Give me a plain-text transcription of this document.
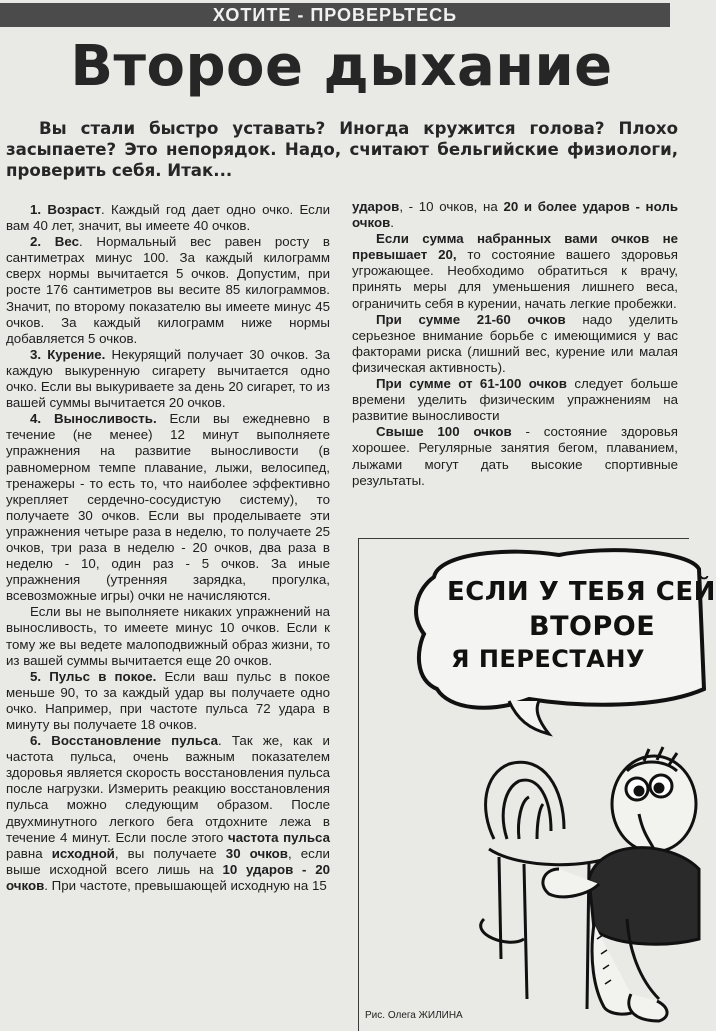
ХОТИТЕ - ПРОВЕРЬТЕСЬ
Второе дыхание

Вы стали быстро уставать? Иногда кружится голова? Плохо засыпаете? Это непорядок. Надо, считают бельгийские физиологи, проверить себя. Итак...

1. Возраст. Каждый год дает одно очко. Если вам 40 лет, значит, вы имеете 40 очков.

2. Вес. Нормальный вес равен росту в сантиметрах минус 100. За каждый килограмм сверх нормы вычитается 5 очков. Допустим, при росте 176 сантиметров вы весите 85 килограммов. Значит, по второму показателю вы имеете минус 45 очков. За каждый килограмм ниже нормы добавляется 5 очков.

3. Курение. Некурящий получает 30 очков. За каждую выкуренную сигарету вычитается одно очко. Если вы выкуриваете за день 20 сигарет, то из вашей суммы вычитается 20 очков.

4. Выносливость. Если вы ежедневно в течение (не менее) 12 минут выполняете упражнения на развитие выносливости (в равномерном темпе плавание, лыжи, велосипед, тренажеры - то есть то, что наиболее эффективно укрепляет сердечно-сосудистую систему), то получаете 30 очков. Если вы проделываете эти упражнения четыре раза в неделю, то получаете 25 очков, три раза в неделю - 20 очков, два раза в неделю - 10, один раз - 5 очков. За иные упражнения (утренняя зарядка, прогулка, всевозможные игры) очки не начисляются.

Если вы не выполняете никаких упражнений на выносливость, то имеете минус 10 очков. Если к тому же вы ведете малоподвижный образ жизни, то из вашей суммы вычитается еще 20 очков.

5. Пульс в покое. Если ваш пульс в покое меньше 90, то за каждый удар вы получаете одно очко. Например, при частоте пульса 72 удара в минуту вы получаете 18 очков.

6. Восстановление пульса. Так же, как и частота пульса, очень важным показателем здоровья является скорость восстановления пульса после нагрузки. Измерить реакцию восстановления пульса можно следующим образом. После двухминутного легкого бега отдохните лежа в течение 4 минут. Если после этого частота пульса равна исходной, вы получаете 30 очков, если выше исходной всего лишь на 10 ударов - 20 очков. При частоте, превышающей исходную на 15

ударов, - 10 очков, на 20 и более ударов - ноль очков.

Если сумма набранных вами очков не превышает 20, то состояние вашего здоровья угрожающее. Необходимо обратиться к врачу, принять меры для уменьшения лишнего веса, ограничить себя в курении, начать легкие пробежки.

При сумме 21-60 очков надо уделить серьезное внимание борьбе с имеющимися у вас факторами риска (лишний вес, курение или малая физическая активность).

При сумме от 61-100 очков следует больше времени уделить физическим упражнениям на развитие выносливости

Свыше 100 очков - состояние здоровья хорошее. Регулярные занятия бегом, плаванием, лыжами могут дать высокие спортивные результаты.

ЕСЛИ У ТЕБЯ СЕЙ
ВТОРОЕ
Я ПЕРЕСТАНУ
Рис. Олега ЖИЛИНА
